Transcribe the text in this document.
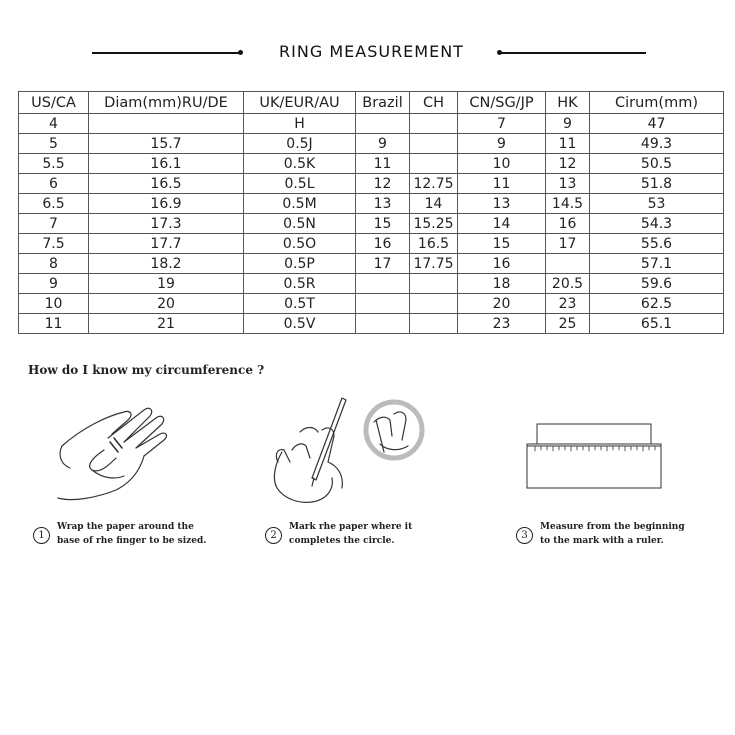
RING MEASUREMENT
US/CA	Diam(mm)RU/DE	UK/EUR/AU	Brazil	CH	CN/SG/JP	HK	Cirum(mm)
4		H			7	9	47
5	15.7	0.5J	9		9	11	49.3
5.5	16.1	0.5K	11		10	12	50.5
6	16.5	0.5L	12	12.75	11	13	51.8
6.5	16.9	0.5M	13	14	13	14.5	53
7	17.3	0.5N	15	15.25	14	16	54.3
7.5	17.7	0.5O	16	16.5	15	17	55.6
8	18.2	0.5P	17	17.75	16		57.1
9	19	0.5R			18	20.5	59.6
10	20	0.5T			20	23	62.5
11	21	0.5V			23	25	65.1
How do I know my circumference ?
1
Wrap the paper around the
base of rhe finger to be sized.	2
Mark rhe paper where it
completes the circle.	3
Measure from the beginning
to the mark with a ruler.
